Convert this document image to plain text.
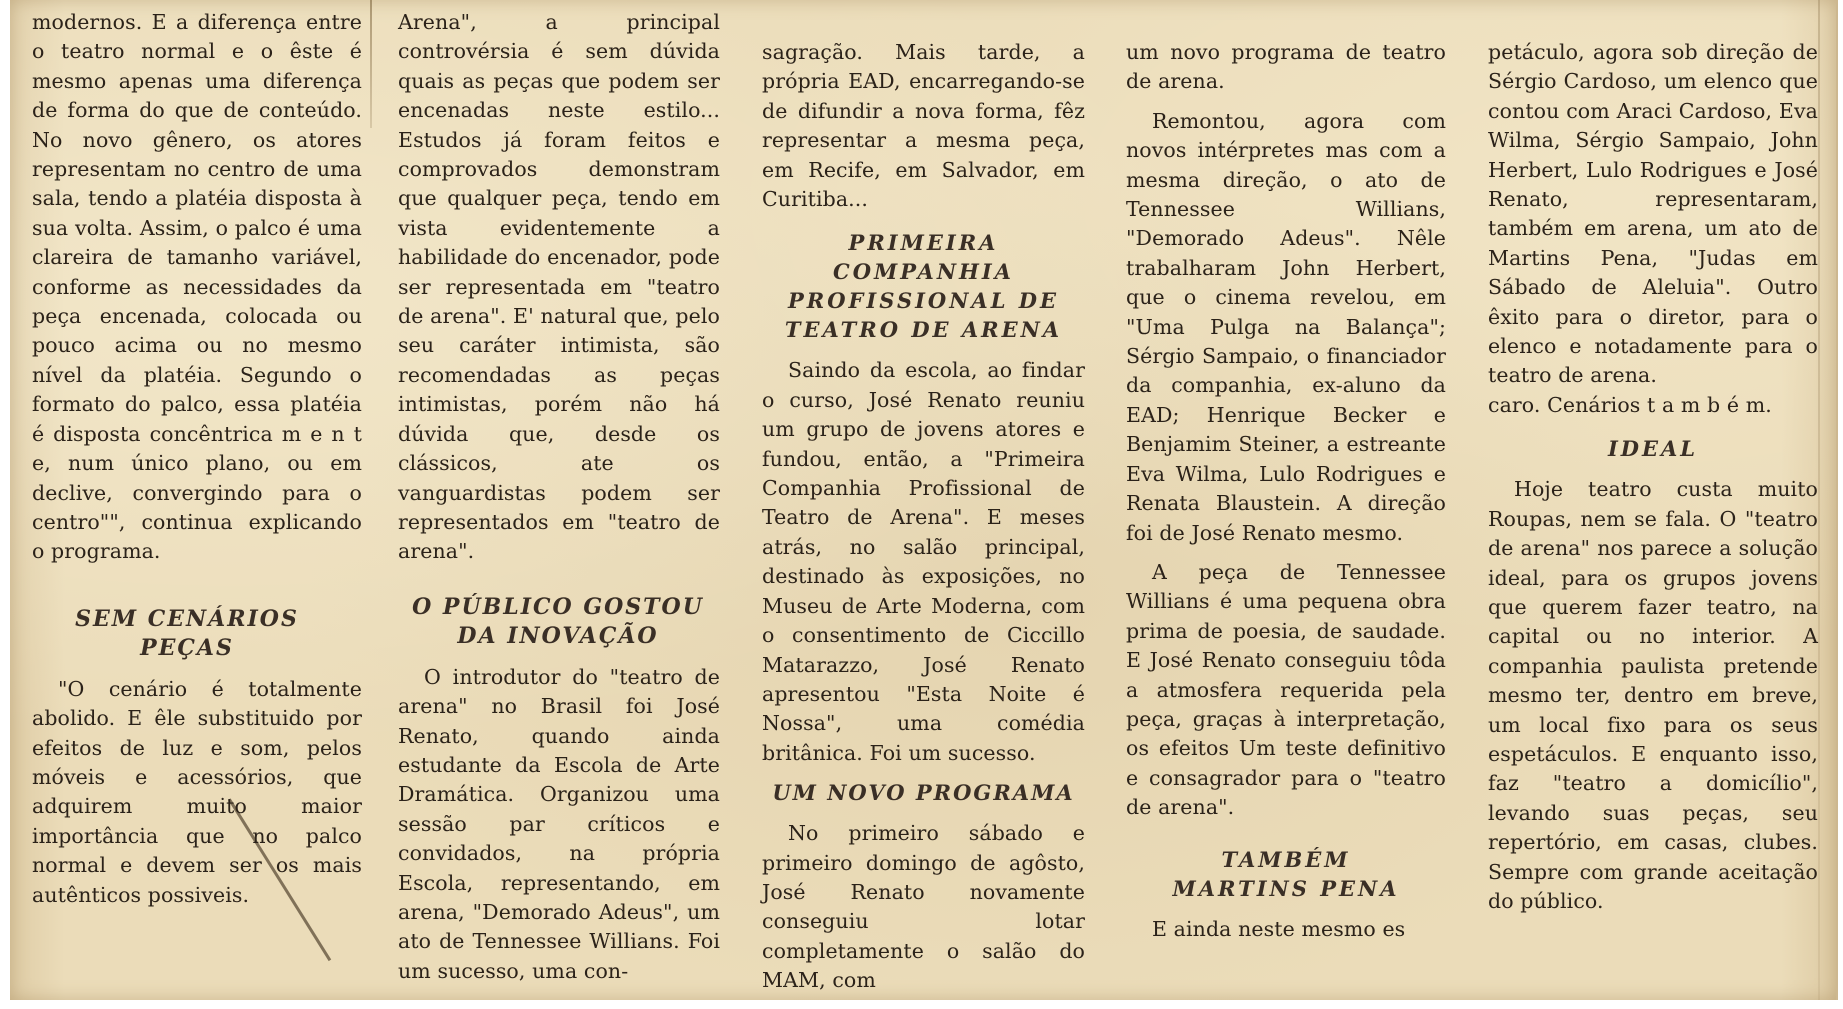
modernos. E a diferença entre o teatro normal e o êste é mesmo apenas uma diferença de forma do que de conteúdo. No novo gênero, os atores representam no centro de uma sala, tendo a platéia disposta à sua volta. Assim, o palco é uma clareira de tamanho variável, conforme as necessidades da peça encenada, colocada ou pouco acima ou no mesmo nível da platéia. Segundo o formato do palco, essa platéia é disposta concêntrica m e n t e, num único plano, ou em declive, convergindo para o centro"", continua explicando o programa.

SEM CENÁRIOS PEÇAS

"O cenário é totalmente abolido. E êle substituido por efeitos de luz e som, pelos móveis e acessórios, que adquirem muito maior importância que no palco normal e devem ser os mais autênticos possiveis.

Arena", a principal controvérsia é sem dúvida quais as peças que podem ser encenadas neste estilo... Estudos já foram feitos e comprovados demonstram que qualquer peça, tendo em vista evidentemente a habilidade do encenador, pode ser representada em "teatro de arena". E' natural que, pelo seu caráter intimista, são recomendadas as peças intimistas, porém não há dúvida que, desde os clássicos, ate os vanguardistas podem ser representados em "teatro de arena".

O PÚBLICO GOSTOU DA INOVAÇÃO

O introdutor do "teatro de arena" no Brasil foi José Renato, quando ainda estudante da Escola de Arte Dramática. Organizou uma sessão par críticos e convidados, na própria Escola, representando, em arena, "Demorado Adeus", um ato de Tennessee Willians. Foi um sucesso, uma con-

sagração. Mais tarde, a própria EAD, encarregando-se de difundir a nova forma, fêz representar a mesma peça, em Recife, em Salvador, em Curitiba...

PRIMEIRA COMPANHIA PROFISSIONAL DE TEATRO DE ARENA

Saindo da escola, ao findar o curso, José Renato reuniu um grupo de jovens atores e fundou, então, a "Primeira Companhia Profissional de Teatro de Arena". E meses atrás, no salão principal, destinado às exposições, no Museu de Arte Moderna, com o consentimento de Ciccillo Matarazzo, José Renato apresentou "Esta Noite é Nossa", uma comédia britânica. Foi um sucesso.

UM NOVO PROGRAMA

No primeiro sábado e primeiro domingo de agôsto, José Renato novamente conseguiu lotar completamente o salão do MAM, com

um novo programa de teatro de arena.

Remontou, agora com novos intérpretes mas com a mesma direção, o ato de Tennessee Willians, "Demorado Adeus". Nêle trabalharam John Herbert, que o cinema revelou, em "Uma Pulga na Balança"; Sérgio Sampaio, o financiador da companhia, ex-aluno da EAD; Henrique Becker e Benjamim Steiner, a estreante Eva Wilma, Lulo Rodrigues e Renata Blaustein. A direção foi de José Renato mesmo.

A peça de Tennessee Willians é uma pequena obra prima de poesia, de saudade. E José Renato conseguiu tôda a atmosfera requerida pela peça, graças à interpretação, os efeitos Um teste definitivo e consagrador para o "teatro de arena".

TAMBÉM MARTINS PENA

E ainda neste mesmo es

petáculo, agora sob direção de Sérgio Cardoso, um elenco que contou com Araci Cardoso, Eva Wilma, Sérgio Sampaio, John Herbert, Lulo Rodrigues e José Renato, representaram, também em arena, um ato de Martins Pena, "Judas em Sábado de Aleluia". Outro êxito para o diretor, para o elenco e notadamente para o teatro de arena.

caro. Cenários t a m b é m.

IDEAL

Hoje teatro custa muito Roupas, nem se fala. O "teatro de arena" nos parece a solução ideal, para os grupos jovens que querem fazer teatro, na capital ou no interior. A companhia paulista pretende mesmo ter, dentro em breve, um local fixo para os seus espetáculos. E enquanto isso, faz "teatro a domicílio", levando suas peças, seu repertório, em casas, clubes. Sempre com grande aceitação do público.
